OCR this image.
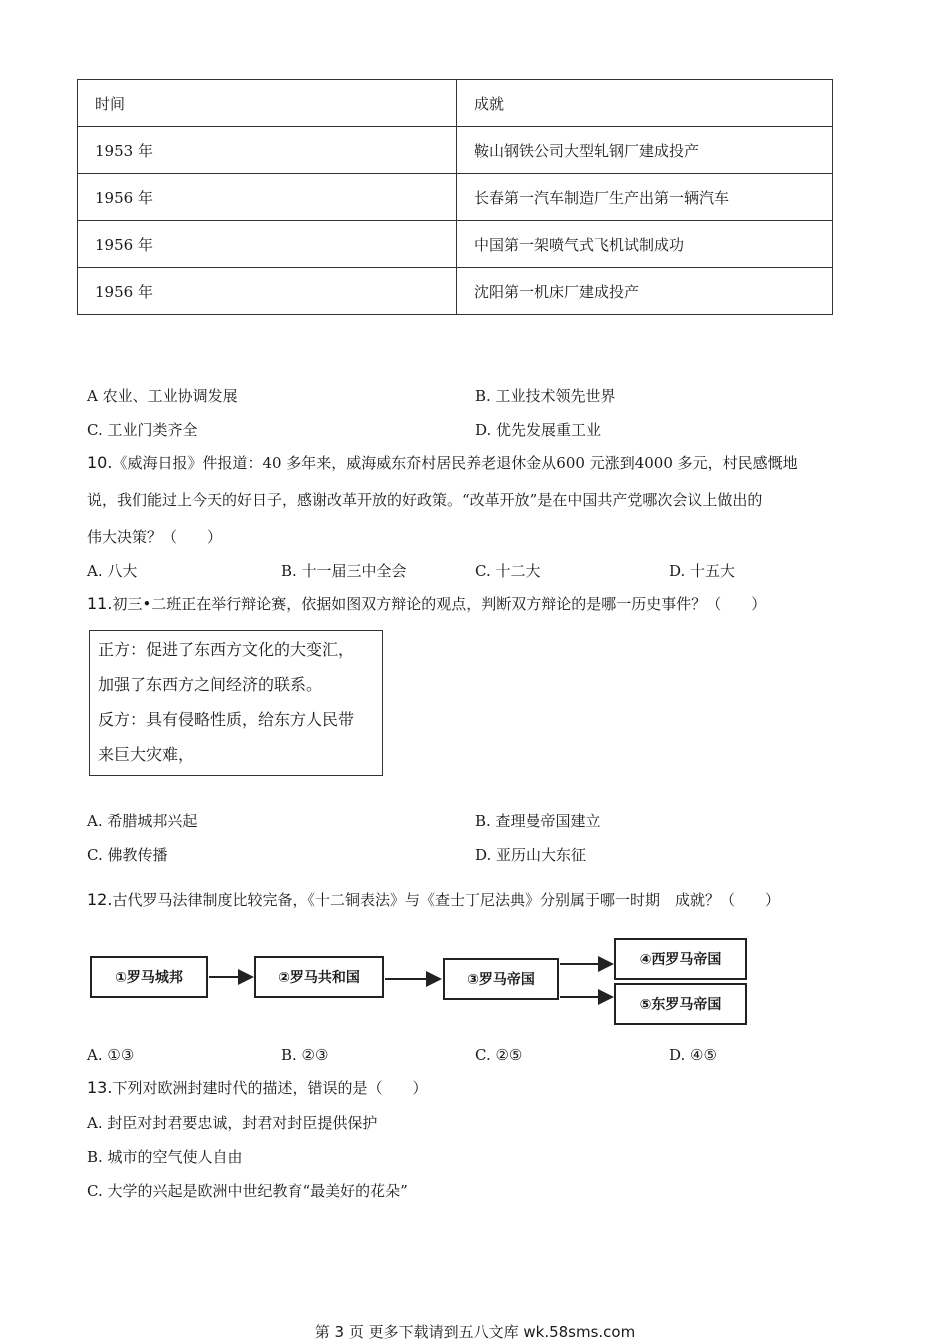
时间	成就
1953 年	鞍山钢铁公司大型轧钢厂建成投产
1956 年	长春第一汽车制造厂生产出第一辆汽车
1956 年	中国第一架喷气式飞机试制成功
1956 年	沈阳第一机床厂建成投产
A 农业、工业协调发展	B. 工业技术领先世界
C. 工业门类齐全	D. 优先发展重工业
10.《威海日报》件报道：40 多年来，威海威东夼村居民养老退休金从600 元涨到4000 多元，村民感慨地
说，我们能过上今天的好日子，感谢改革开放的好政策。“改革开放”是在中国共产党哪次会议上做出的
伟大决策？（　　）
A. 八大	B. 十一届三中全会	C. 十二大	D. 十五大
11.初三•二班正在举行辩论赛，依据如图双方辩论的观点，判断双方辩论的是哪一历史事件？（　　）
正方：促进了东西方文化的大变汇，
加强了东西方之间经济的联系。
反方：具有侵略性质，给东方人民带
来巨大灾难，
A. 希腊城邦兴起	B. 查理曼帝国建立
C. 佛教传播	D. 亚历山大东征
12.古代罗马法律制度比较完备，《十二铜表法》与《查士丁尼法典》分别属于哪一时期　成就？（　　）
①罗马城邦	②罗马共和国	③罗马帝国
④西罗马帝国
⑤东罗马帝国
A. ①③	B. ②③	C. ②⑤	D. ④⑤
13.下列对欧洲封建时代的描述，错误的是（　　）
A. 封臣对封君要忠诚，封君对封臣提供保护
B. 城市的空气使人自由
C. 大学的兴起是欧洲中世纪教育“最美好的花朵”
第 3 页 更多下载请到五八文库 wk.58sms.com
